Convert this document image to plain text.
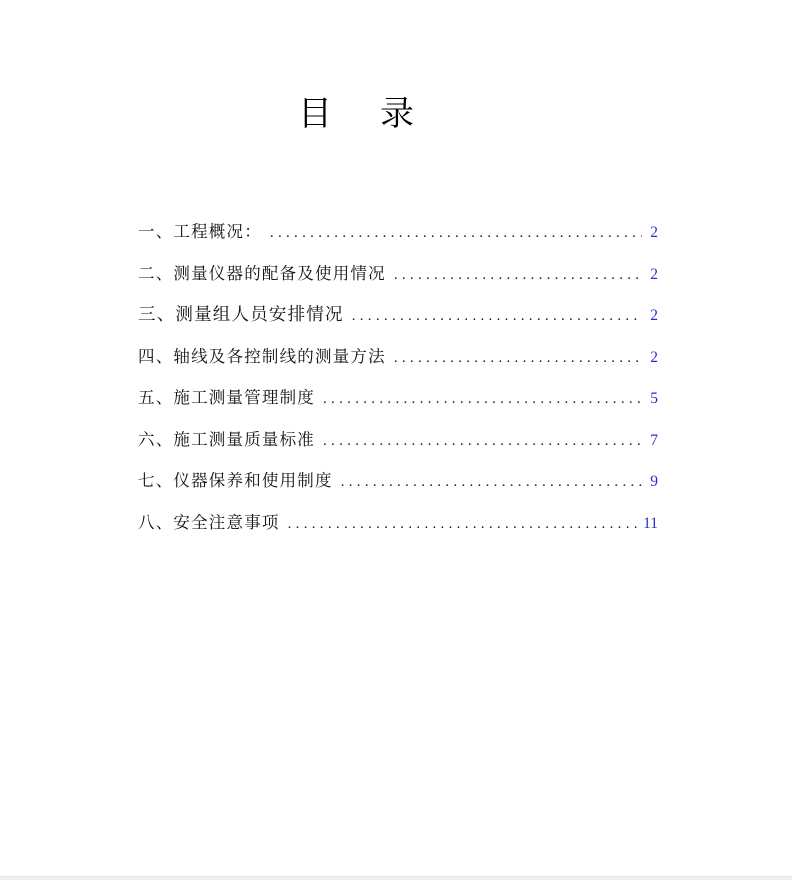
目录
一、工程概况： .....	2
二、测量仪器的配备及使用情况 .....	2
三、测量组人员安排情况 .....	2
四、轴线及各控制线的测量方法 .....	2
五、施工测量管理制度 .....	5
六、施工测量质量标准 .....	7
七、仪器保养和使用制度 .....	9
八、安全注意事项 .....	11
